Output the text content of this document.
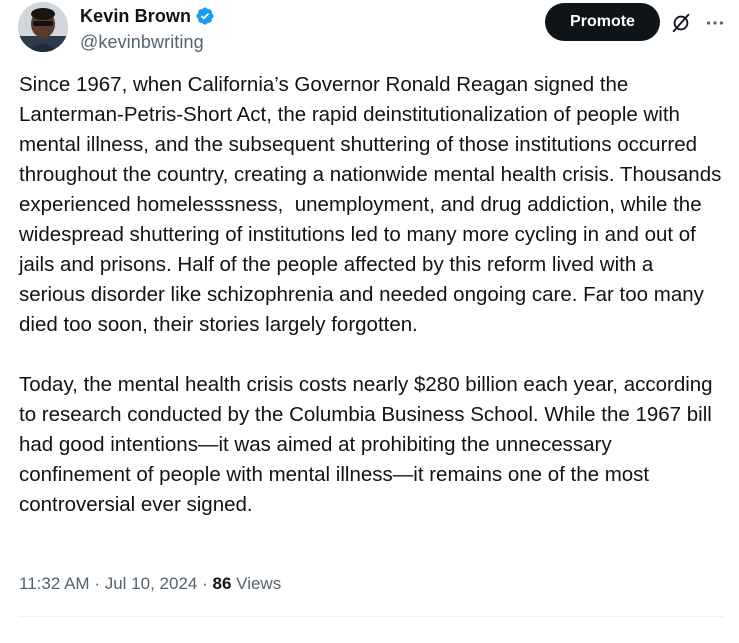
Kevin Brown
@kevinbwriting
Promote
Since 1967, when California’s Governor Ronald Reagan signed the Lanterman-Petris-Short Act, the rapid deinstitutionalization of people with mental illness, and the subsequent shuttering of those institutions occurred throughout the country, creating a nationwide mental health crisis. Thousands experienced homelesssness,  unemployment, and drug addiction, while the widespread shuttering of institutions led to many more cycling in and out of jails and prisons. Half of the people affected by this reform lived with a serious disorder like schizophrenia and needed ongoing care. Far too many died too soon, their stories largely forgotten.

Today, the mental health crisis costs nearly $280 billion each year, according to research conducted by the Columbia Business School. While the 1967 bill had good intentions—it was aimed at prohibiting the unnecessary confinement of people with mental illness—it remains one of the most controversial ever signed.
11:32 AM · Jul 10, 2024 · 86 Views
